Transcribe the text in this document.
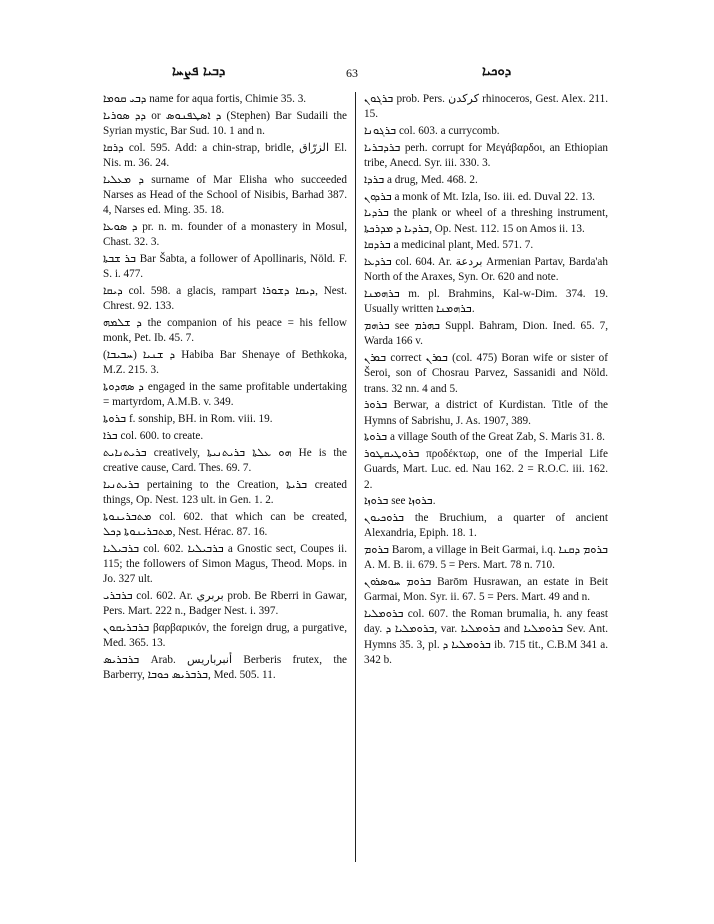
ܕܒܝܐ ܦܨܚܐ	63	ܕܘܟܝܐ

ܕܒܝ ܩܘܡܐ name for aqua fortis, Chimie 35. 3.

ܕܕ ܣܘܪܝܐ or ܕ ܐܣܛܦܢܘܣ (Stephen) Bar Sudaili the Syrian mystic, Bar Sud. 10. 1 and n.

ܕܪܩܐ col. 595. Add: a chin-strap, bridle, الزرّاق El. Nis. m. 36. 24.

ܕ ܡܥܠܝܐ surname of Mar Elisha who succeeded Narses as Head of the School of Nisibis, Barhad 387. 4, Narses ed. Ming. 35. 18.

ܕ ܣܘܥܐ pr. n. m. founder of a monastery in Mosul, Chast. 32. 3.

ܒܪ ܫܒܬܐ Bar Šabta, a follower of Apollinaris, Nöld. F. S. i. 477.

ܕܝܩܐ col. 598. a glacis, rampart ܕܝܩܐ ܕܫܘܪܐ, Nest. Chrest. 92. 133.

ܕ ܫܠܡܗ the companion of his peace = his fellow monk, Pet. Ib. 45. 7.

(ܚܒܝܒܐ) ܕ ܫܢܝܐ Habiba Bar Shenaye of Bethkoka, M.Z. 215. 3.

ܕ ܣܗܕܘܬܐ engaged in the same profitable undertaking = martyrdom, A.M.B. v. 349.

ܒܪܘܬܐ f. sonship, BH. in Rom. viii. 19.

ܒܪܐ col. 600. to create.

ܒܪܝܬܢܐܝܬ creatively, ܗܘ ܥܠܬܐ ܒܪܝܬܢܝܬܐ He is the creative cause, Card. Thes. 69. 7.

ܒܪܝܬܢܝܐ pertaining to the Creation, ܒܪܝܬܐ created things, Op. Nest. 123 ult. in Gen. 1. 2.

ܡܬܒܪܝܢܘܬܐ col. 602. that which can be created, ܡܬܒܪܝܢܘܬܐ ܕܟܠ, Nest. Hérac. 87. 16.

ܒܪܒܝܠܝܐ col. 602. ܒܪܒܝܠܝܐ a Gnostic sect, Coupes ii. 115; the followers of Simon Magus, Theod. Mops. in Jo. 327 ult.

ܒܪܒܪܝ col. 602. Ar. بربري prob. Be Rberri in Gawar, Pers. Mart. 222 n., Badger Nest. i. 397.

ܒܪܒܪܝܩܘܢ βαρβαρικόν, the foreign drug, a purgative, Med. 365. 13.

ܒܪܒܪܝܣ Arab. أنبرباريس Berberis frutex, the Barberry, ܒܪܒܪܝܣ ܟܘܒܐ, Med. 505. 11.

ܒܪܓܘܢ prob. Pers. کرکدن rhinoceros, Gest. Alex. 211. 15.

ܒܪܓܘܢܐ col. 603. a currycomb.

ܒܪܕܒܪܝܐ perh. corrupt for Μεγάβαρδοι, an Ethiopian tribe, Anecd. Syr. iii. 330. 3.

ܒܪܕܐ a drug, Med. 468. 2.

ܒܪܕܘܢ a monk of Mt. Izla, Iso. iii. ed. Duval 22. 13.

ܒܪܕܝܐ the plank or wheel of a threshing instrument, ܒܪܕܝܐ ܕ ܡܕܪܟܬܐ, Op. Nest. 112. 15 on Amos ii. 13.

ܒܪܕܩܐ a medicinal plant, Med. 571. 7.

ܒܪܕܥܐ col. 604. Ar. بردعة Armenian Partav, Barda'ah North of the Araxes, Syn. Or. 620 and note.

ܒܪܗܡܢܐ m. pl. Brahmins, Kal-w-Dim. 374. 19. Usually written ܒܪܗܡܢܐ.

ܒܪܗܡ see ܒܗܪܡ Suppl. Bahram, Dion. Ined. 65. 7, Warda 166 v.

ܒܘܪܢ correct ܒܘܪܢ (col. 475) Boran wife or sister of Šeroi, son of Chosrau Parvez, Sassanidi and Nöld. trans. 32 nn. 4 and 5.

ܒܪܘܪ Berwar, a district of Kurdistan. Title of the Hymns of Sabrishu, J. As. 1907, 389.

ܒܪܘܬܐ a village South of the Great Zab, S. Maris 31. 8.

ܒܪܘܛܝܩܛܘܪ προδέκτωρ, one of the Imperial Life Guards, Mart. Luc. ed. Nau 162. 2 = R.O.C. iii. 162. 2.

ܒܪܘܙܐ see ܒܪܘܙܐ.

ܒܪܘܟܝܘܢ the Bruchium, a quarter of ancient Alexandria, Epiph. 18. 1.

ܒܪܘܡ Barom, a village in Beit Garmai, i.q. ܒܪܘܡ ܕܩܢܐ A. M. B. ii. 679. 5 = Pers. Mart. 78 n. 710.

ܒܪܘܡ ܚܘܣܪܘܢ Barōm Husrawan, an estate in Beit Garmai, Mon. Syr. ii. 67. 5 = Pers. Mart. 49 and n.

ܒܪܘܡܠܝܐ col. 607. the Roman brumalia, h. any feast day. ܒܪܘܡܠܝܐ ܕ, var. ܒܪܘܡܠܝܐ and ܒܪܘܡܠܝܐ Sev. Ant. Hymns 35. 3, pl. ܒܪܘܡܠܝܐ ܕ ib. 715 tit., C.B.M 341 a. 342 b.
